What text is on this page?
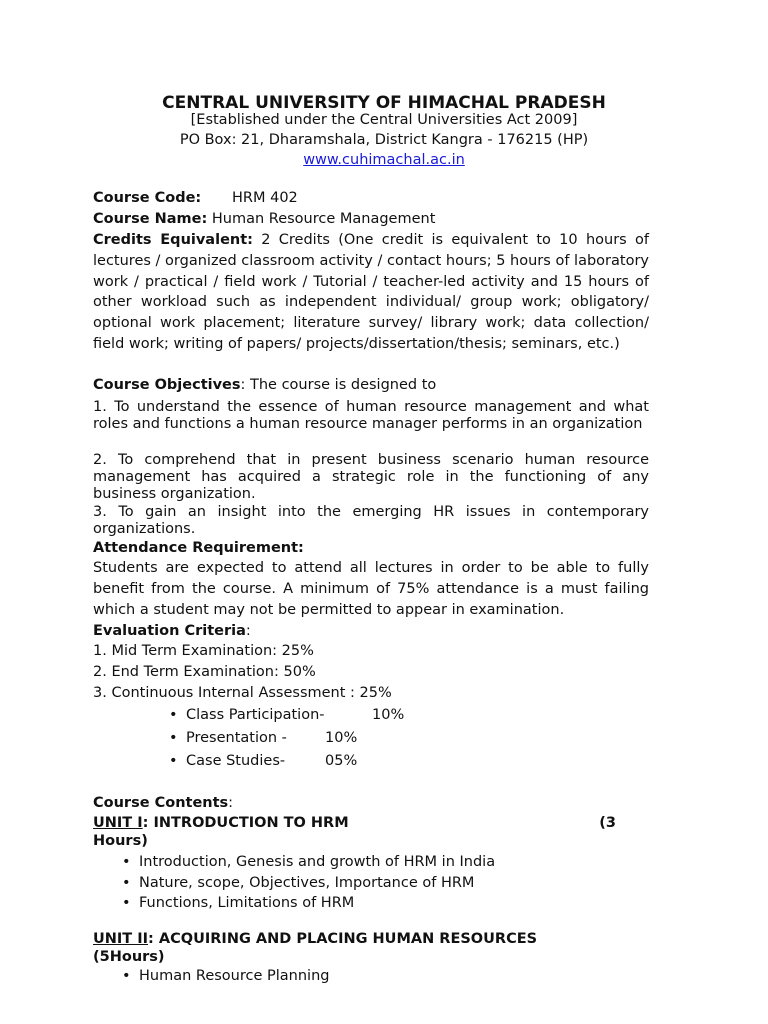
CENTRAL UNIVERSITY OF HIMACHAL PRADESH
[Established under the Central Universities Act 2009]
PO Box: 21, Dharamshala, District Kangra - 176215 (HP)
www.cuhimachal.ac.in
Course Code: HRM 402
Course Name: Human Resource Management
Credits Equivalent: 2 Credits (One credit is equivalent to 10 hours of lectures / organized classroom activity / contact hours; 5 hours of laboratory work / practical / field work / Tutorial / teacher-led activity and 15 hours of other workload such as independent individual/ group work; obligatory/ optional work placement; literature survey/ library work; data collection/ field work; writing of papers/ projects/dissertation/thesis; seminars, etc.)
Course Objectives: The course is designed to
1. To understand the essence of human resource management and what roles and functions a human resource manager performs in an organization
2. To comprehend that in present business scenario human resource management has acquired a strategic role in the functioning of any business organization.
3. To gain an insight into the emerging HR issues in contemporary organizations.
Attendance Requirement:
Students are expected to attend all lectures in order to be able to fully benefit from the course. A minimum of 75% attendance is a must failing which a student may not be permitted to appear in examination.
Evaluation Criteria:
1. Mid Term Examination: 25%
2. End Term Examination: 50%
3. Continuous Internal Assessment : 25%
• Class Participation-	10%
• Presentation -	10%
• Case Studies-	05%
Course Contents:
UNIT I: INTRODUCTION TO HRM	(3
Hours)
• Introduction, Genesis and growth of HRM in India
• Nature, scope, Objectives, Importance of HRM
• Functions, Limitations of HRM
UNIT II: ACQUIRING AND PLACING HUMAN RESOURCES
(5Hours)
• Human Resource Planning
